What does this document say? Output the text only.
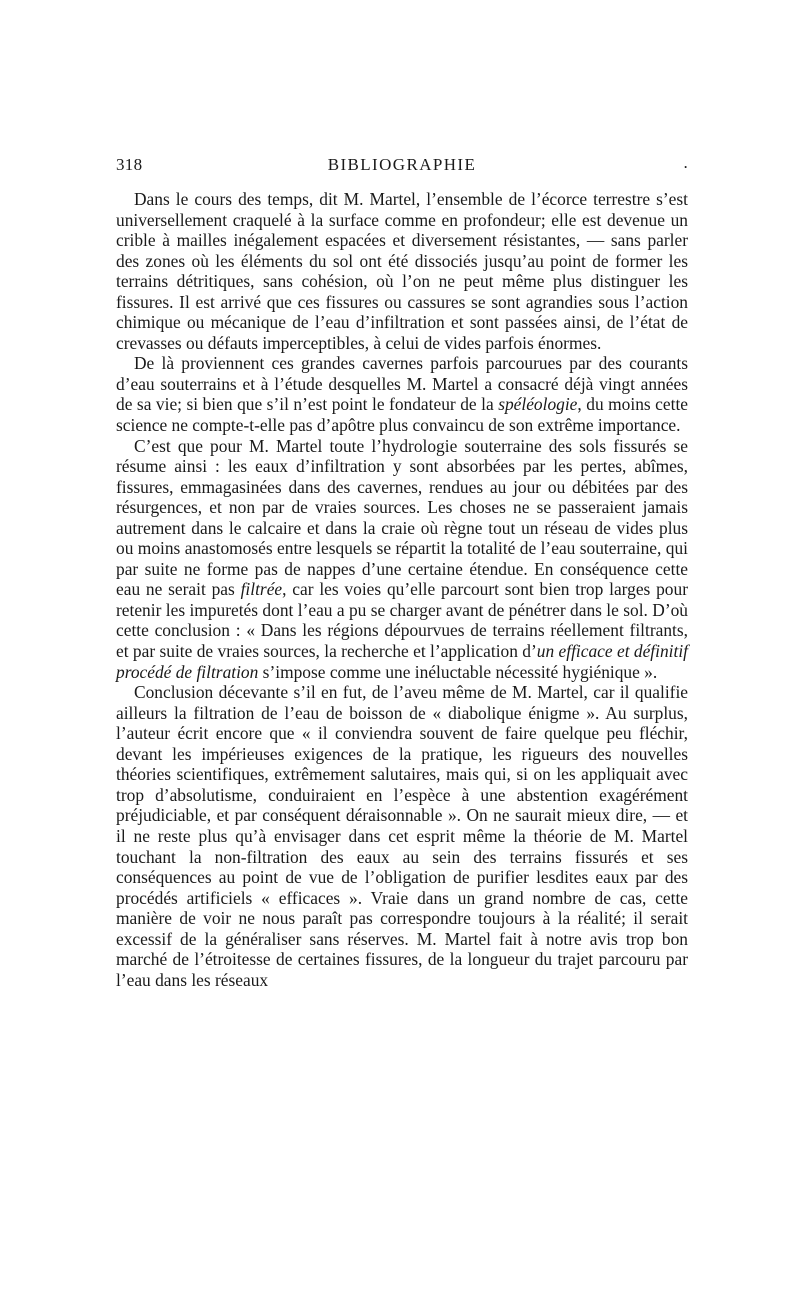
318	BIBLIOGRAPHIE	.

Dans le cours des temps, dit M. Martel, l’ensemble de l’écorce terrestre s’est universellement craquelé à la surface comme en profondeur; elle est devenue un crible à mailles inégalement espacées et diversement résistantes, — sans parler des zones où les éléments du sol ont été dissociés jusqu’au point de former les terrains détritiques, sans cohésion, où l’on ne peut même plus distinguer les fissures. Il est arrivé que ces fissures ou cassures se sont agrandies sous l’action chimique ou mécanique de l’eau d’infiltration et sont passées ainsi, de l’état de crevasses ou défauts imperceptibles, à celui de vides parfois énormes.

De là proviennent ces grandes cavernes parfois parcourues par des courants d’eau souterrains et à l’étude desquelles M. Martel a consacré déjà vingt années de sa vie; si bien que s’il n’est point le fondateur de la spéléologie, du moins cette science ne compte-t-elle pas d’apôtre plus convaincu de son extrême importance.

C’est que pour M. Martel toute l’hydrologie souterraine des sols fissurés se résume ainsi : les eaux d’infiltration y sont absorbées par les pertes, abîmes, fissures, emmagasinées dans des cavernes, rendues au jour ou débitées par des résurgences, et non par de vraies sources. Les choses ne se passeraient jamais autrement dans le calcaire et dans la craie où règne tout un réseau de vides plus ou moins anastomosés entre lesquels se répartit la totalité de l’eau souterraine, qui par suite ne forme pas de nappes d’une certaine étendue. En conséquence cette eau ne serait pas filtrée, car les voies qu’elle parcourt sont bien trop larges pour retenir les impuretés dont l’eau a pu se charger avant de pénétrer dans le sol. D’où cette conclusion : « Dans les régions dépourvues de terrains réellement filtrants, et par suite de vraies sources, la recherche et l’application d’un efficace et définitif procédé de filtration s’impose comme une inéluctable nécessité hygiénique ».

Conclusion décevante s’il en fut, de l’aveu même de M. Martel, car il qualifie ailleurs la filtration de l’eau de boisson de « diabolique énigme ». Au surplus, l’auteur écrit encore que « il conviendra souvent de faire quelque peu fléchir, devant les impérieuses exigences de la pratique, les rigueurs des nouvelles théories scientifiques, extrêmement salutaires, mais qui, si on les appliquait avec trop d’absolutisme, conduiraient en l’espèce à une abstention exagérément préjudiciable, et par conséquent déraisonnable ». On ne saurait mieux dire, — et il ne reste plus qu’à envisager dans cet esprit même la théorie de M. Martel touchant la non-filtration des eaux au sein des terrains fissurés et ses conséquences au point de vue de l’obligation de purifier lesdites eaux par des procédés artificiels « efficaces ». Vraie dans un grand nombre de cas, cette manière de voir ne nous paraît pas correspondre toujours à la réalité; il serait excessif de la généraliser sans réserves. M. Martel fait à notre avis trop bon marché de l’étroitesse de certaines fissures, de la longueur du trajet parcouru par l’eau dans les réseaux
